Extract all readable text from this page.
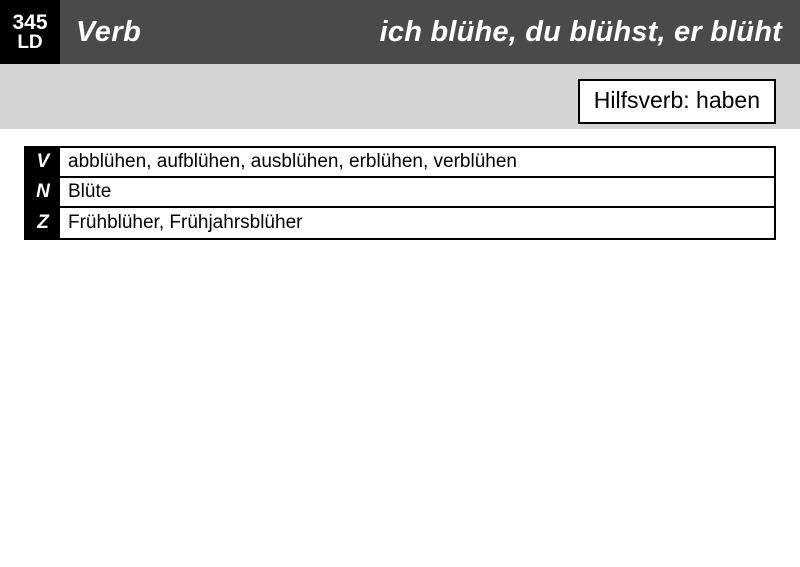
345
LD	Verb	ich blühe, du blühst, er blüht
Hilfsverb: haben
V abblühen, aufblühen, ausblühen, erblühen, verblühen
N Blüte
Z	Frühblüher, Frühjahrsblüher
